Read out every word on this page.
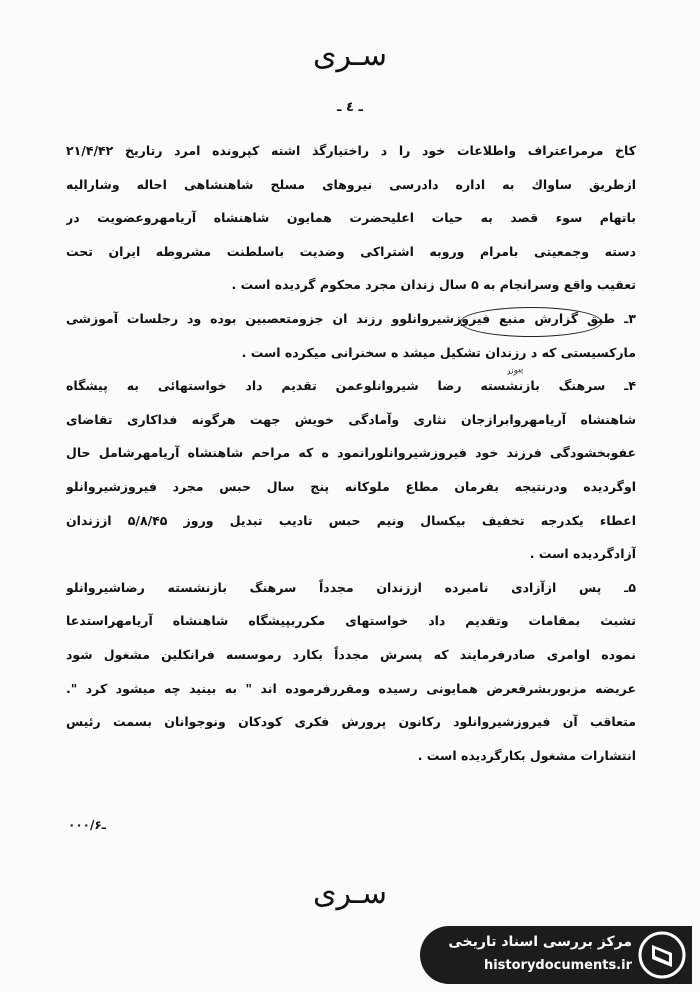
سـرى
ـ ٤ ـ
پیوند
کاخ مرمراعتراف واطلاعات خود را د راختیارگذ اشته کپرونده امرد رتاریخ ۲۱/۴/۴۲
ازطریق ساواك به اداره دادرسی نیروهای مسلح شاهنشاهی احاله وشارالیه
باتهام سوء قصد به حیات اعلیحضرت همایون شاهنشاه آریامهروعضویت در
دسته وجمعیتی بامرام وروبه اشتراکی وضدیت باسلطنت مشروطه ایران تحت
تعقیب واقع وسرانجام به ۵ سال زندان مجرد محکوم گردیده است .
۳ـ طبق گزارش منبع فیروزشیروانلوو رزند ان جزومتعصبین بوده ود رجلسات آموزشی
مارکسیستی که د رزندان تشکیل میشد ه سخنرانی میکرده است .
۴ـ سرهنگ بازنشسته رضا شیروانلوعمن تقدیم داد خواستهائی به پیشگاه
شاهنشاه آریامهروابرازجان نثاری وآمادگی خویش جهت هرگونه فداکاری تقاضای
عفوبخشودگی فرزند خود فیروزشیروانلورانمود ه که مراحم شاهنشاه آریامهرشامل حال
اوگردیده ودرنتیجه بفرمان مطاع ملوکانه پنج سال حبس مجرد فیروزشیروانلو
اعطاء یکدرجه تخفیف بیکسال ونیم حبس تادیب تبدیل وروز ۵/۸/۴۵ اززندان
آزادگردیده است .
۵ـ پس ازآزادی نامبرده اززندان مجدداً سرهنگ بازنشسته رضاشیروانلو
تشبث بمقامات وتقدیم داد خواستهای مکرربپیشگاه شاهنشاه آریامهراستدعا
نموده اوامری صادرفرمایند که پسرش مجدداً بکارد رموسسه فرانکلین مشغول شود
عریضه مزبوربشرفعرض همایونی رسیده ومقررفرموده اند " به بینید چه میشود کرد ".
متعاقب آن فیروزشیروانلود رکانون پرورش فکری کودکان ونوجوانان بسمت رئیس
انتشارات مشغول بکارگردیده است .
۰۰۰/ـ۶
سـرى
مرکز بررسی اسناد تاریخی
historydocuments.ir
